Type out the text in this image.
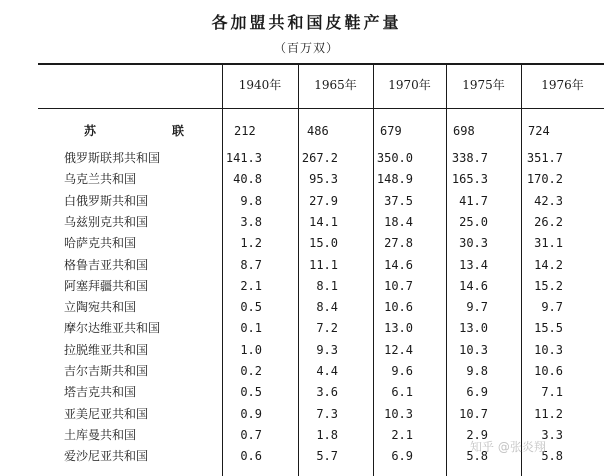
各加盟共和国皮鞋产量
（百万双）
1940年	1965年	1970年	1975年	1976年
苏	联	212	486	679	698	724
俄罗斯联邦共和国	141.3	267.2	350.0	338.7	351.7
乌克兰共和国	40.8	95.3	148.9	165.3	170.2
白俄罗斯共和国	9.8	27.9	37.5	41.7	42.3
乌兹别克共和国	3.8	14.1	18.4	25.0	26.2
哈萨克共和国	1.2	15.0	27.8	30.3	31.1
格鲁吉亚共和国	8.7	11.1	14.6	13.4	14.2
阿塞拜疆共和国	2.1	8.1	10.7	14.6	15.2
立陶宛共和国	0.5	8.4	10.6	9.7	9.7
摩尔达维亚共和国	0.1	7.2	13.0	13.0	15.5
拉脱维亚共和国	1.0	9.3	12.4	10.3	10.3
吉尔吉斯共和国	0.2	4.4	9.6	9.8	10.6
塔吉克共和国	0.5	3.6	6.1	6.9	7.1
亚美尼亚共和国	0.9	7.3	10.3	10.7	11.2
土库曼共和国	0.7	1.8	2.1	2.9	3.3
爱沙尼亚共和国	0.6	5.7	6.9	5.8	5.8
知乎 @张炎翔
